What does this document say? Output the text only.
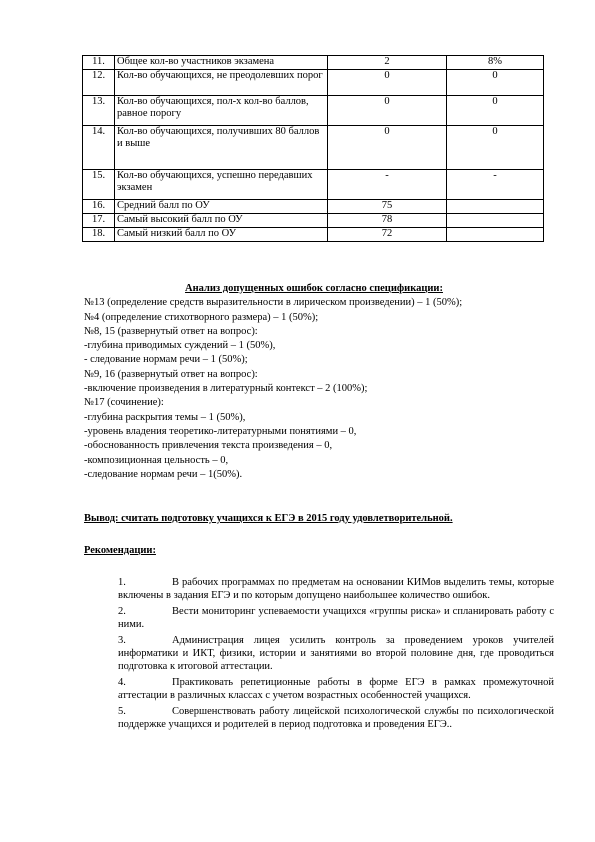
11.	Общее кол-во участников экзамена	2	8%
12.	Кол-во обучающихся, не преодолевших порог	0	0
13.	Кол-во обучающихся, пол-х кол-во баллов, равное порогу	0	0
14.	Кол-во обучающихся, получивших 80 баллов и выше	0	0
15.	Кол-во обучающихся, успешно передавших экзамен	-	-
16.	Средний балл по ОУ	75	
17.	Самый высокий балл по ОУ	78	
18.	Самый низкий балл по ОУ	72	
Анализ допущенных ошибок согласно спецификации:
№13 (определение средств выразительности в лирическом произведении) – 1 (50%);
№4 (определение стихотворного размера) – 1 (50%);
№8, 15 (развернутый ответ на вопрос):
-глубина приводимых суждений – 1 (50%),
- следование нормам речи – 1 (50%);
№9, 16 (развернутый ответ на вопрос):
-включение произведения в литературный контекст – 2 (100%);
№17 (сочинение):
-глубина раскрытия темы – 1 (50%),
-уровень владения теоретико-литературными понятиями – 0,
-обоснованность привлечения текста произведения – 0,
-композиционная цельность – 0,
-следование нормам речи – 1(50%).
Вывод: считать подготовку учащихся к ЕГЭ в 2015 году удовлетворительной.
Рекомендации:
1.	В рабочих программах по предметам на основании КИМов выделить темы, которые включены в задания ЕГЭ и по которым допущено наибольшее количество ошибок.
2.	Вести мониторинг успеваемости учащихся «группы риска» и спланировать работу с ними.
3.	Администрация лицея усилить контроль за проведением уроков учителей информатики и ИКТ, физики, истории и занятиями во второй половине дня, где проводиться подготовка к итоговой аттестации.
4.	Практиковать репетиционные работы в форме ЕГЭ в рамках промежуточной аттестации в различных классах с учетом возрастных особенностей учащихся.
5.	Совершенствовать работу лицейской психологической службы по психологической поддержке учащихся и родителей в период подготовка и проведения ЕГЭ..
